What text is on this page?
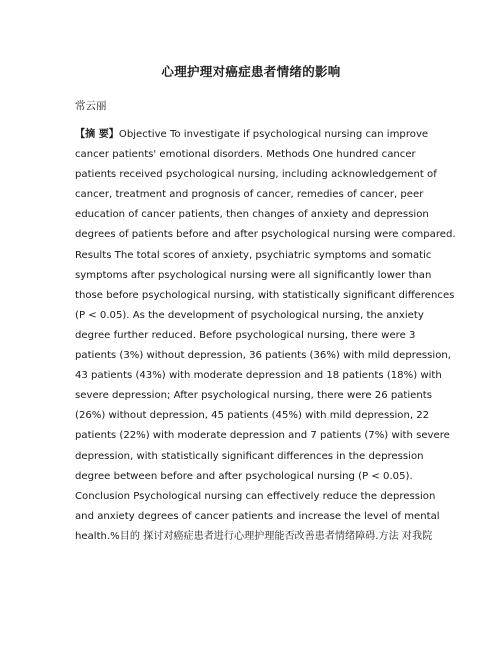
心理护理对癌症患者情绪的影响
常云丽
【摘 要】Objective To investigate if psychological nursing can improve
cancer patients' emotional disorders. Methods One hundred cancer
patients received psychological nursing, including acknowledgement of
cancer, treatment and prognosis of cancer, remedies of cancer, peer
education of cancer patients, then changes of anxiety and depression
degrees of patients before and after psychological nursing were compared.
Results The total scores of anxiety, psychiatric symptoms and somatic
symptoms after psychological nursing were all significantly lower than
those before psychological nursing, with statistically significant differences
(P < 0.05). As the development of psychological nursing, the anxiety
degree further reduced. Before psychological nursing, there were 3
patients (3%) without depression, 36 patients (36%) with mild depression,
43 patients (43%) with moderate depression and 18 patients (18%) with
severe depression; After psychological nursing, there were 26 patients
(26%) without depression, 45 patients (45%) with mild depression, 22
patients (22%) with moderate depression and 7 patients (7%) with severe
depression, with statistically significant differences in the depression
degree between before and after psychological nursing (P < 0.05).
Conclusion Psychological nursing can effectively reduce the depression
and anxiety degrees of cancer patients and increase the level of mental
health.%目的 探讨对癌症患者进行心理护理能否改善患者情绪障碍.方法 对我院
